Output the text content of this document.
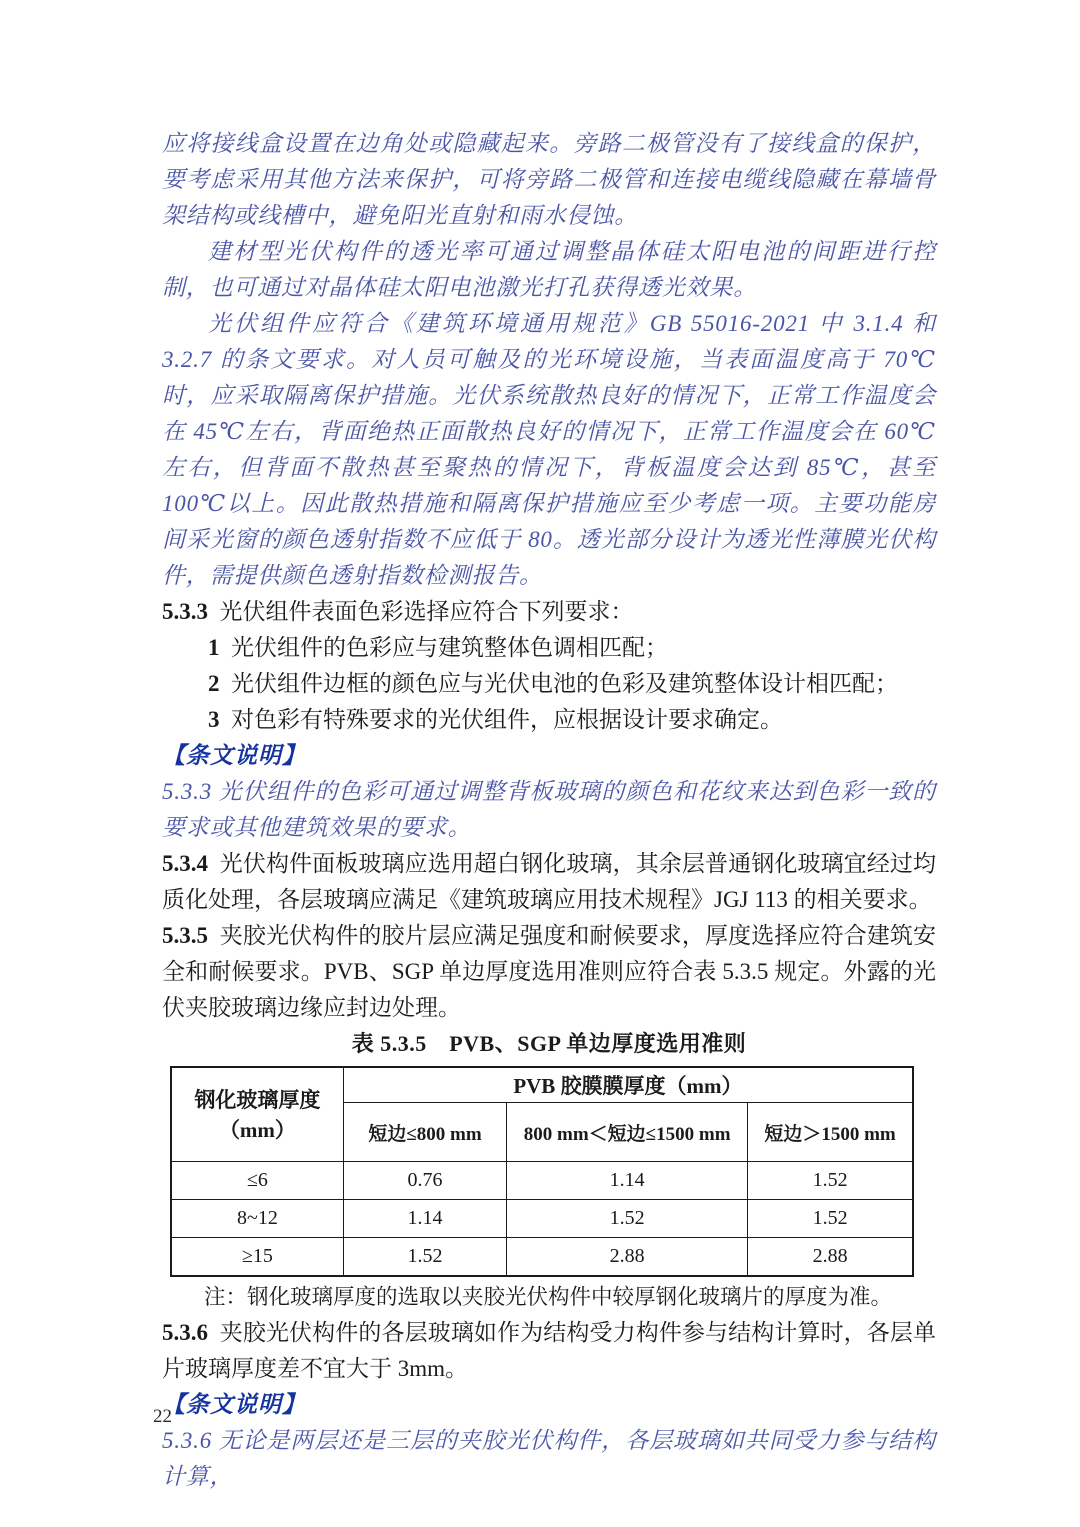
应将接线盒设置在边角处或隐藏起来。旁路二极管没有了接线盒的保护，要考虑采用其他方法来保护，可将旁路二极管和连接电缆线隐藏在幕墙骨架结构或线槽中，避免阳光直射和雨水侵蚀。

建材型光伏构件的透光率可通过调整晶体硅太阳电池的间距进行控制，也可通过对晶体硅太阳电池激光打孔获得透光效果。

光伏组件应符合《建筑环境通用规范》GB 55016-2021 中 3.1.4 和 3.2.7 的条文要求。对人员可触及的光环境设施，当表面温度高于 70℃时，应采取隔离保护措施。光伏系统散热良好的情况下，正常工作温度会在 45℃左右，背面绝热正面散热良好的情况下，正常工作温度会在 60℃左右，但背面不散热甚至聚热的情况下，背板温度会达到 85℃，甚至 100℃以上。因此散热措施和隔离保护措施应至少考虑一项。主要功能房间采光窗的颜色透射指数不应低于 80。透光部分设计为透光性薄膜光伏构件，需提供颜色透射指数检测报告。

5.3.3 光伏组件表面色彩选择应符合下列要求：

1 光伏组件的色彩应与建筑整体色调相匹配；

2 光伏组件边框的颜色应与光伏电池的色彩及建筑整体设计相匹配；

3 对色彩有特殊要求的光伏组件，应根据设计要求确定。

【条文说明】

5.3.3 光伏组件的色彩可通过调整背板玻璃的颜色和花纹来达到色彩一致的要求或其他建筑效果的要求。

5.3.4 光伏构件面板玻璃应选用超白钢化玻璃，其余层普通钢化玻璃宜经过均质化处理，各层玻璃应满足《建筑玻璃应用技术规程》JGJ 113 的相关要求。

5.3.5 夹胶光伏构件的胶片层应满足强度和耐候要求，厚度选择应符合建筑安全和耐候要求。PVB、SGP 单边厚度选用准则应符合表 5.3.5 规定。外露的光伏夹胶玻璃边缘应封边处理。

表 5.3.5　PVB、SGP 单边厚度选用准则

钢化玻璃厚度
（mm）	PVB 胶膜膜厚度（mm）		
	短边≤800 mm	800 mm＜短边≤1500 mm	短边＞1500 mm
≤6	0.76	1.14	1.52
8~12	1.14	1.52	1.52
≥15	1.52	2.88	2.88

注：钢化玻璃厚度的选取以夹胶光伏构件中较厚钢化玻璃片的厚度为准。

5.3.6 夹胶光伏构件的各层玻璃如作为结构受力构件参与结构计算时，各层单片玻璃厚度差不宜大于 3mm。

【条文说明】

5.3.6 无论是两层还是三层的夹胶光伏构件，各层玻璃如共同受力参与结构计算，

22
